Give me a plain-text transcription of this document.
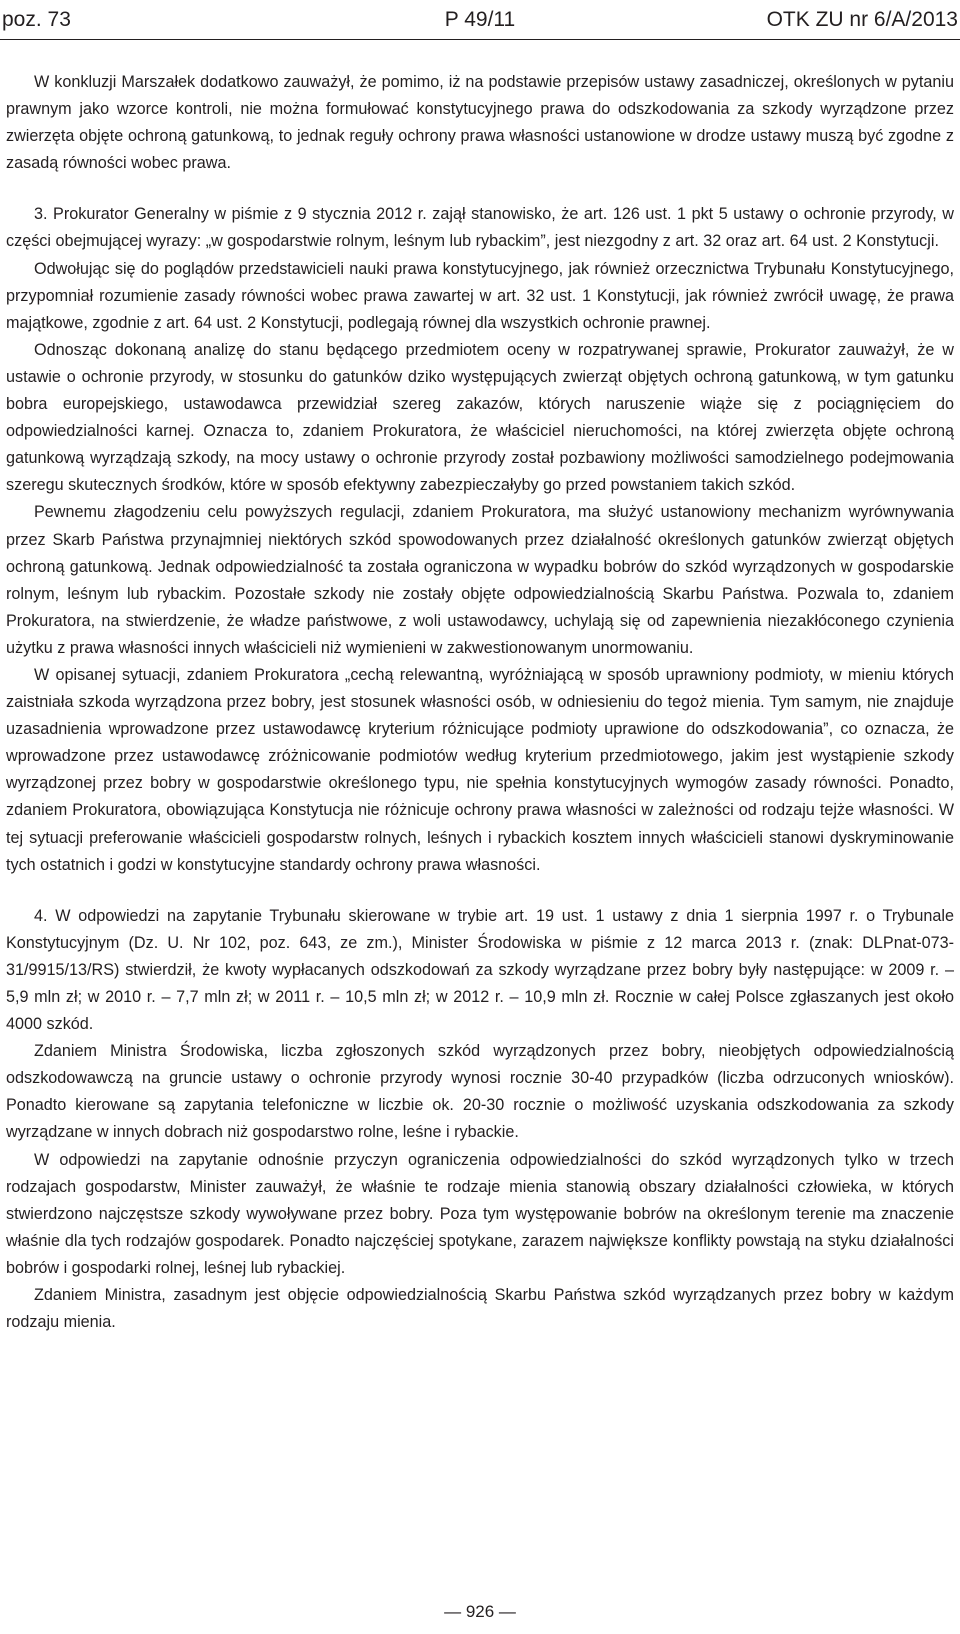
P 49/11
poz. 73	OTK ZU nr 6/A/2013

W konkluzji Marszałek dodatkowo zauważył, że pomimo, iż na podstawie przepisów ustawy zasadniczej, określonych w pytaniu prawnym jako wzorce kontroli, nie można formułować konstytucyjnego prawa do odszkodowania za szkody wyrządzone przez zwierzęta objęte ochroną gatunkową, to jednak reguły ochrony prawa własności ustanowione w drodze ustawy muszą być zgodne z zasadą równości wobec prawa.

3. Prokurator Generalny w piśmie z 9 stycznia 2012 r. zajął stanowisko, że art. 126 ust. 1 pkt 5 ustawy o ochronie przyrody, w części obejmującej wyrazy: „w gospodarstwie rolnym, leśnym lub rybackim”, jest niezgodny z art. 32 oraz art. 64 ust. 2 Konstytucji.

Odwołując się do poglądów przedstawicieli nauki prawa konstytucyjnego, jak również orzecznictwa Trybunału Konstytucyjnego, przypomniał rozumienie zasady równości wobec prawa zawartej w art. 32 ust. 1 Konstytucji, jak również zwrócił uwagę, że prawa majątkowe, zgodnie z art. 64 ust. 2 Konstytucji, podlegają równej dla wszystkich ochronie prawnej.

Odnosząc dokonaną analizę do stanu będącego przedmiotem oceny w rozpatrywanej sprawie, Prokurator zauważył, że w ustawie o ochronie przyrody, w stosunku do gatunków dziko występujących zwierząt objętych ochroną gatunkową, w tym gatunku bobra europejskiego, ustawodawca przewidział szereg zakazów, których naruszenie wiąże się z pociągnięciem do odpowiedzialności karnej. Oznacza to, zdaniem Prokuratora, że właściciel nieruchomości, na której zwierzęta objęte ochroną gatunkową wyrządzają szkody, na mocy ustawy o ochronie przyrody został pozbawiony możliwości samodzielnego podejmowania szeregu skutecznych środków, które w sposób efektywny zabezpieczałyby go przed powstaniem takich szkód.

Pewnemu złagodzeniu celu powyższych regulacji, zdaniem Prokuratora, ma służyć ustanowiony mechanizm wyrównywania przez Skarb Państwa przynajmniej niektórych szkód spowodowanych przez działalność określonych gatunków zwierząt objętych ochroną gatunkową. Jednak odpowiedzialność ta została ograniczona w wypadku bobrów do szkód wyrządzonych w gospodarskie rolnym, leśnym lub rybackim. Pozostałe szkody nie zostały objęte odpowiedzialnością Skarbu Państwa. Pozwala to, zdaniem Prokuratora, na stwierdzenie, że władze państwowe, z woli ustawodawcy, uchylają się od zapewnienia niezakłóconego czynienia użytku z prawa własności innych właścicieli niż wymienieni w zakwestionowanym unormowaniu.

W opisanej sytuacji, zdaniem Prokuratora „cechą relewantną, wyróżniającą w sposób uprawniony podmioty, w mieniu których zaistniała szkoda wyrządzona przez bobry, jest stosunek własności osób, w odniesieniu do tegoż mienia. Tym samym, nie znajduje uzasadnienia wprowadzone przez ustawodawcę kryterium różnicujące podmioty uprawione do odszkodowania”, co oznacza, że wprowadzone przez ustawodawcę zróżnicowanie podmiotów według kryterium przedmiotowego, jakim jest wystąpienie szkody wyrządzonej przez bobry w gospodarstwie określonego typu, nie spełnia konstytucyjnych wymogów zasady równości. Ponadto, zdaniem Prokuratora, obowiązująca Konstytucja nie różnicuje ochrony prawa własności w zależności od rodzaju tejże własności. W tej sytuacji preferowanie właścicieli gospodarstw rolnych, leśnych i rybackich kosztem innych właścicieli stanowi dyskryminowanie tych ostatnich i godzi w konstytucyjne standardy ochrony prawa własności.

4. W odpowiedzi na zapytanie Trybunału skierowane w trybie art. 19 ust. 1 ustawy z dnia 1 sierpnia 1997 r. o Trybunale Konstytucyjnym (Dz. U. Nr 102, poz. 643, ze zm.), Minister Środowiska w piśmie z 12 marca 2013 r. (znak: DLPnat-073-31/9915/13/RS) stwierdził, że kwoty wypłacanych odszkodowań za szkody wyrządzane przez bobry były następujące: w 2009 r. – 5,9 mln zł; w 2010 r. – 7,7 mln zł; w 2011 r. – 10,5 mln zł; w 2012 r. – 10,9 mln zł. Rocznie w całej Polsce zgłaszanych jest około 4000 szkód.

Zdaniem Ministra Środowiska, liczba zgłoszonych szkód wyrządzonych przez bobry, nieobjętych odpowiedzialnością odszkodowawczą na gruncie ustawy o ochronie przyrody wynosi rocznie 30-40 przypadków (liczba odrzuconych wniosków). Ponadto kierowane są zapytania telefoniczne w liczbie ok. 20-30 rocznie o możliwość uzyskania odszkodowania za szkody wyrządzane w innych dobrach niż gospodarstwo rolne, leśne i rybackie.

W odpowiedzi na zapytanie odnośnie przyczyn ograniczenia odpowiedzialności do szkód wyrządzonych tylko w trzech rodzajach gospodarstw, Minister zauważył, że właśnie te rodzaje mienia stanowią obszary działalności człowieka, w których stwierdzono najczęstsze szkody wywoływane przez bobry. Poza tym występowanie bobrów na określonym terenie ma znaczenie właśnie dla tych rodzajów gospodarek. Ponadto najczęściej spotykane, zarazem największe konflikty powstają na styku działalności bobrów i gospodarki rolnej, leśnej lub rybackiej.

Zdaniem Ministra, zasadnym jest objęcie odpowiedzialnością Skarbu Państwa szkód wyrządzanych przez bobry w każdym rodzaju mienia.

— 926 —
